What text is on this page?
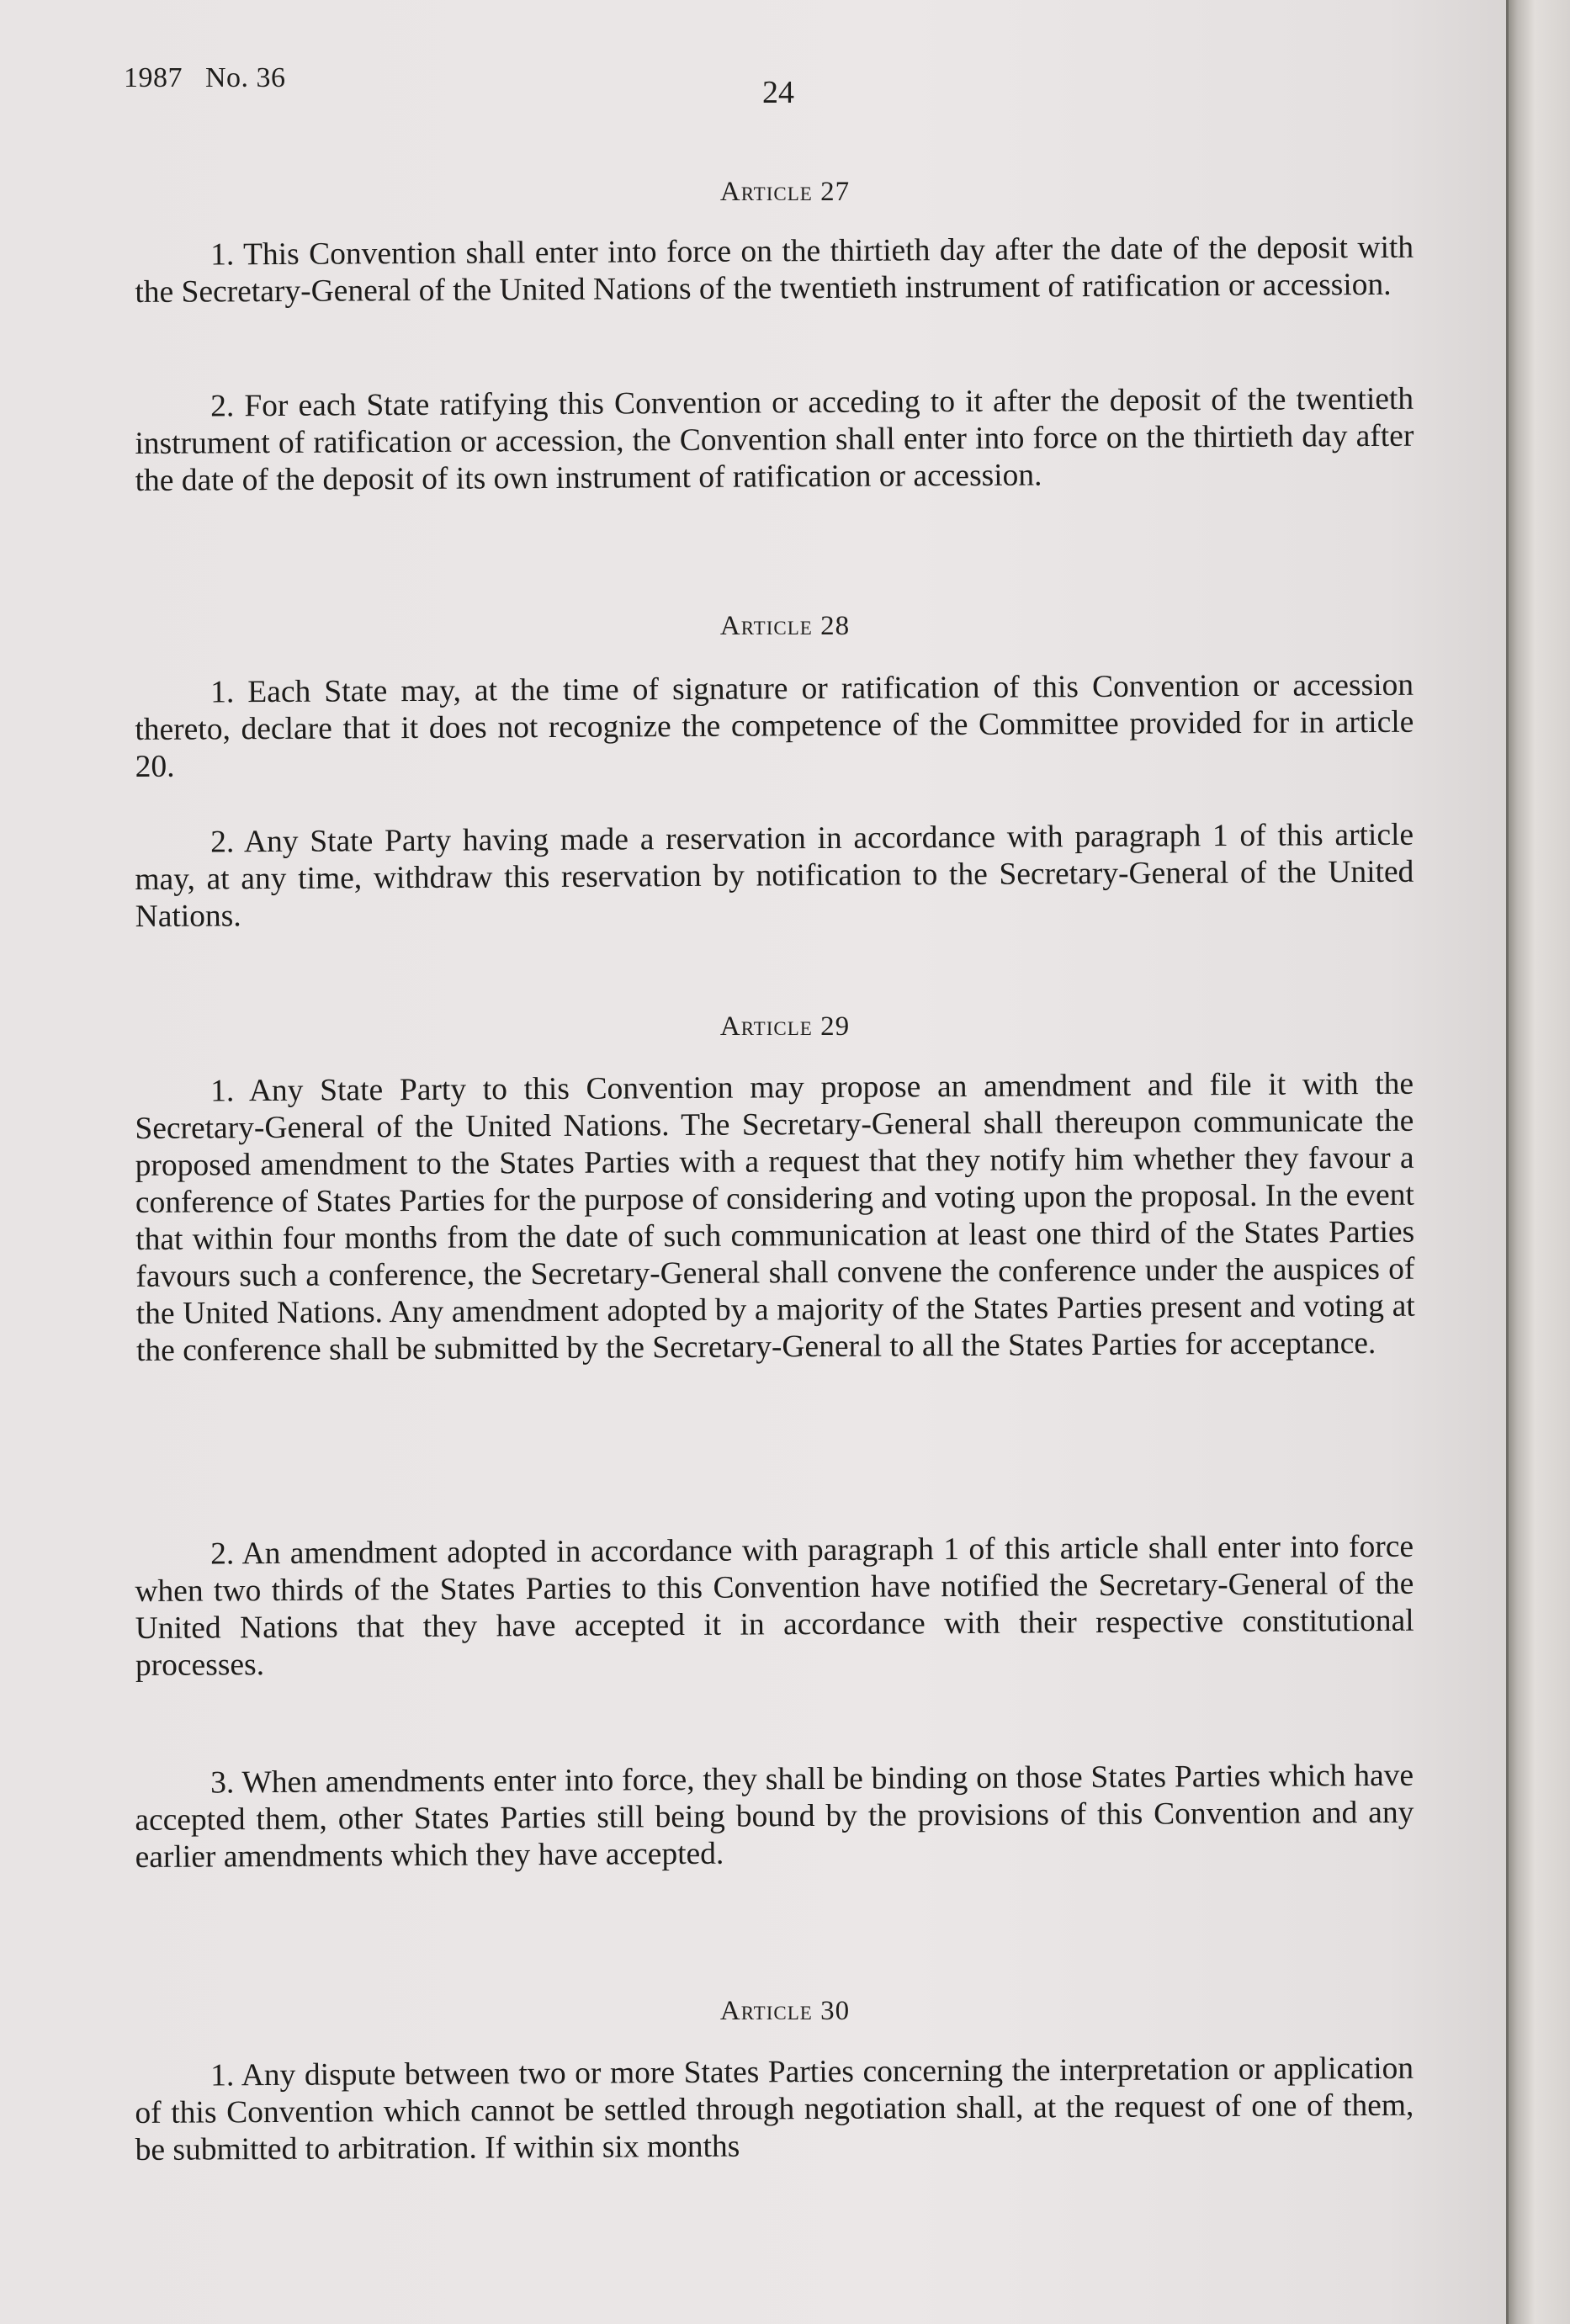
1987   No. 36	24
Article 27
1. This Convention shall enter into force on the thirtieth day after the date of the deposit with the Secretary-General of the United Nations of the twentieth instrument of ratification or accession.
2. For each State ratifying this Convention or acceding to it after the deposit of the twentieth instrument of ratification or accession, the Convention shall enter into force on the thirtieth day after the date of the deposit of its own instrument of ratification or accession.
Article 28
1. Each State may, at the time of signature or ratification of this Convention or accession thereto, declare that it does not recognize the competence of the Committee provided for in article 20.
2. Any State Party having made a reservation in accordance with paragraph 1 of this article may, at any time, withdraw this reservation by notification to the Secretary-General of the United Nations.
Article 29
1. Any State Party to this Convention may propose an amendment and file it with the Secretary-General of the United Nations. The Secretary-General shall thereupon communicate the proposed amendment to the States Parties with a request that they notify him whether they favour a conference of States Parties for the purpose of considering and voting upon the proposal. In the event that within four months from the date of such communication at least one third of the States Parties favours such a conference, the Secretary-General shall convene the conference under the auspices of the United Nations. Any amendment adopted by a majority of the States Parties present and voting at the conference shall be submitted by the Secretary-General to all the States Parties for acceptance.
2. An amendment adopted in accordance with paragraph 1 of this article shall enter into force when two thirds of the States Parties to this Convention have notified the Secretary-General of the United Nations that they have accepted it in accordance with their respective constitutional processes.
3. When amendments enter into force, they shall be binding on those States Parties which have accepted them, other States Parties still being bound by the provisions of this Convention and any earlier amendments which they have accepted.
Article 30
1. Any dispute between two or more States Parties concerning the interpretation or application of this Convention which cannot be settled through negotiation shall, at the request of one of them, be submitted to arbitration. If within six months
